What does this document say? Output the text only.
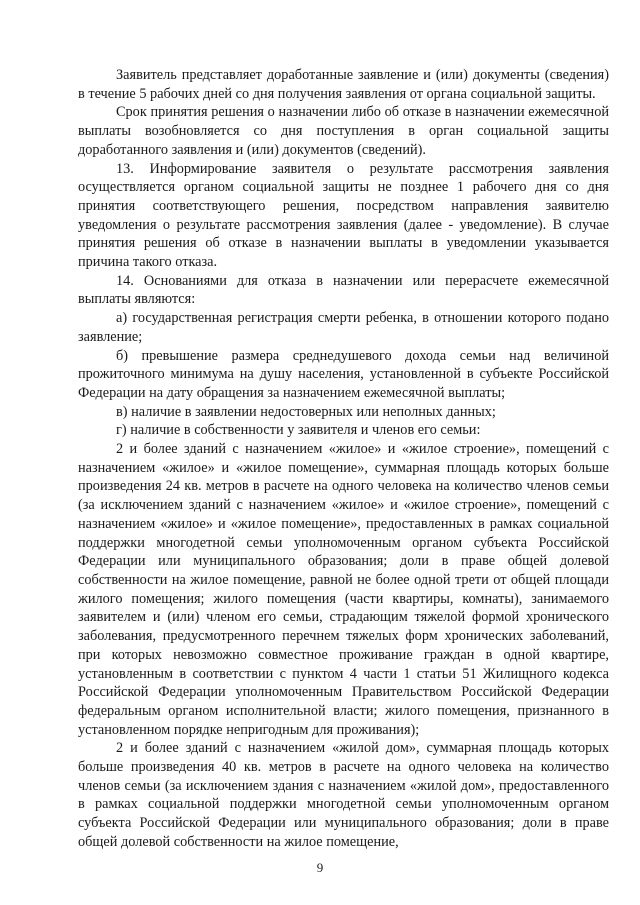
Заявитель представляет доработанные заявление и (или) документы (сведения) в течение 5 рабочих дней со дня получения заявления от органа социальной защиты.

Срок принятия решения о назначении либо об отказе в назначении ежемесячной выплаты возобновляется со дня поступления в орган социальной защиты доработанного заявления и (или) документов (сведений).

13. Информирование заявителя о результате рассмотрения заявления осуществляется органом социальной защиты не позднее 1 рабочего дня со дня принятия соответствующего решения, посредством направления заявителю уведомления о результате рассмотрения заявления (далее - уведомление). В случае принятия решения об отказе в назначении выплаты в уведомлении указывается причина такого отказа.

14. Основаниями для отказа в назначении или перерасчете ежемесячной выплаты являются:

а) государственная регистрация смерти ребенка, в отношении которого подано заявление;

б) превышение размера среднедушевого дохода семьи над величиной прожиточного минимума на душу населения, установленной в субъекте Российской Федерации на дату обращения за назначением ежемесячной выплаты;

в) наличие в заявлении недостоверных или неполных данных;

г) наличие в собственности у заявителя и членов его семьи:

2 и более зданий с назначением «жилое» и «жилое строение», помещений с назначением «жилое» и «жилое помещение», суммарная площадь которых больше произведения 24 кв. метров в расчете на одного человека на количество членов семьи (за исключением зданий с назначением «жилое» и «жилое строение», помещений с назначением «жилое» и «жилое помещение», предоставленных в рамках социальной поддержки многодетной семьи уполномоченным органом субъекта Российской Федерации или муниципального образования; доли в праве общей долевой собственности на жилое помещение, равной не более одной трети от общей площади жилого помещения; жилого помещения (части квартиры, комнаты), занимаемого заявителем и (или) членом его семьи, страдающим тяжелой формой хронического заболевания, предусмотренного перечнем тяжелых форм хронических заболеваний, при которых невозможно совместное проживание граждан в одной квартире, установленным в соответствии с пунктом 4 части 1 статьи 51 Жилищного кодекса Российской Федерации уполномоченным Правительством Российской Федерации федеральным органом исполнительной власти; жилого помещения, признанного в установленном порядке непригодным для проживания);

2 и более зданий с назначением «жилой дом», суммарная площадь которых больше произведения 40 кв. метров в расчете на одного человека на количество членов семьи (за исключением здания с назначением «жилой дом», предоставленного в рамках социальной поддержки многодетной семьи уполномоченным органом субъекта Российской Федерации или муниципального образования; доли в праве общей долевой собственности на жилое помещение,

9
